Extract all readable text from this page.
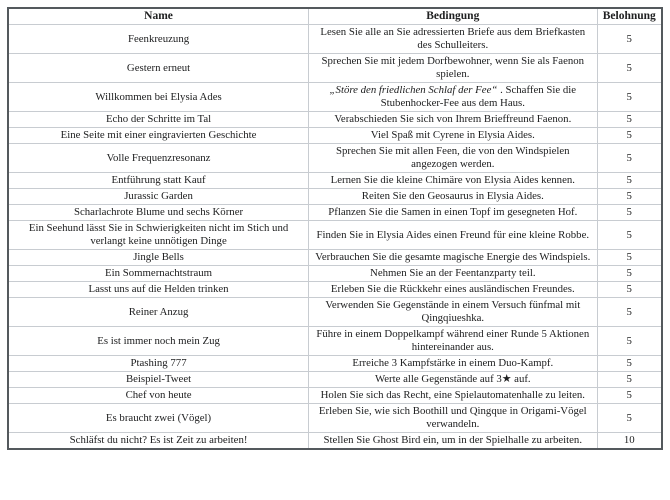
Name	Bedingung	Belohnung
Feenkreuzung	Lesen Sie alle an Sie adressierten Briefe aus dem Briefkasten des Schulleiters.	5
Gestern erneut	Sprechen Sie mit jedem Dorfbewohner, wenn Sie als Faenon spielen.	5
Willkommen bei Elysia Ades	„Störe den friedlichen Schlaf der Fee“ . Schaffen Sie die Stubenhocker-Fee aus dem Haus.	5
Echo der Schritte im Tal	Verabschieden Sie sich von Ihrem Brieffreund Faenon.	5
Eine Seite mit einer eingravierten Geschichte	Viel Spaß mit Cyrene in Elysia Aides.	5
Volle Frequenzresonanz	Sprechen Sie mit allen Feen, die von den Windspielen angezogen werden.	5
Entführung statt Kauf	Lernen Sie die kleine Chimäre von Elysia Aides kennen.	5
Jurassic Garden	Reiten Sie den Geosaurus in Elysia Aides.	5
Scharlachrote Blume und sechs Körner	Pflanzen Sie die Samen in einen Topf im gesegneten Hof.	5
Ein Seehund lässt Sie in Schwierigkeiten nicht im Stich und verlangt keine unnötigen Dinge	Finden Sie in Elysia Aides einen Freund für eine kleine Robbe.	5
Jingle Bells	Verbrauchen Sie die gesamte magische Energie des Windspiels.	5
Ein Sommernachtstraum	Nehmen Sie an der Feentanzparty teil.	5
Lasst uns auf die Helden trinken	Erleben Sie die Rückkehr eines ausländischen Freundes.	5
Reiner Anzug	Verwenden Sie Gegenstände in einem Versuch fünfmal mit Qingqiueshka.	5
Es ist immer noch mein Zug	Führe in einem Doppelkampf während einer Runde 5 Aktionen hintereinander aus.	5
Ptashing 777	Erreiche 3 Kampfstärke in einem Duo-Kampf.	5
Beispiel-Tweet	Werte alle Gegenstände auf 3★ auf.	5
Chef von heute	Holen Sie sich das Recht, eine Spielautomatenhalle zu leiten.	5
Es braucht zwei (Vögel)	Erleben Sie, wie sich Boothill und Qingque in Origami-Vögel verwandeln.	5
Schläfst du nicht? Es ist Zeit zu arbeiten!	Stellen Sie Ghost Bird ein, um in der Spielhalle zu arbeiten.	10
